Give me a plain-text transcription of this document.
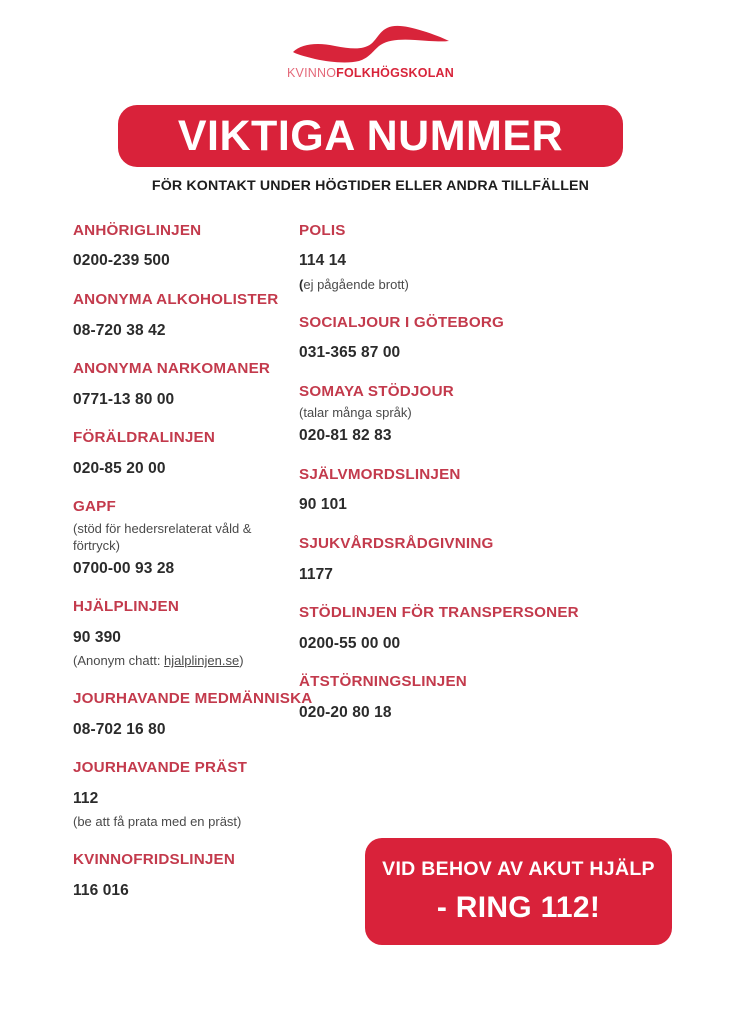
KVINNOFOLKHÖGSKOLAN
VIKTIGA NUMMER
FÖR KONTAKT UNDER HÖGTIDER ELLER ANDRA TILLFÄLLEN
ANHÖRIGLINJEN
0200-239 500
ANONYMA ALKOHOLISTER
08-720 38 42
ANONYMA NARKOMANER
0771-13 80 00
FÖRÄLDRALINJEN
020-85 20 00
GAPF
(stöd för hedersrelaterat våld & förtryck)
0700-00 93 28
HJÄLPLINJEN
90 390
(Anonym chatt: hjalplinjen.se)
JOURHAVANDE MEDMÄNNISKA
08-702 16 80
JOURHAVANDE PRÄST
112
(be att få prata med en präst)
KVINNOFRIDSLINJEN
116 016
POLIS
114 14
(ej pågående brott)
SOCIALJOUR I GÖTEBORG
031-365 87 00
SOMAYA STÖDJOUR
(talar många språk)
020-81 82 83
SJÄLVMORDSLINJEN
90 101
SJUKVÅRDSRÅDGIVNING
1177
STÖDLINJEN FÖR TRANSPERSONER
0200-55 00 00
ÄTSTÖRNINGSLINJEN
020-20 80 18
VID BEHOV AV AKUT HJÄLP
- RING 112!
